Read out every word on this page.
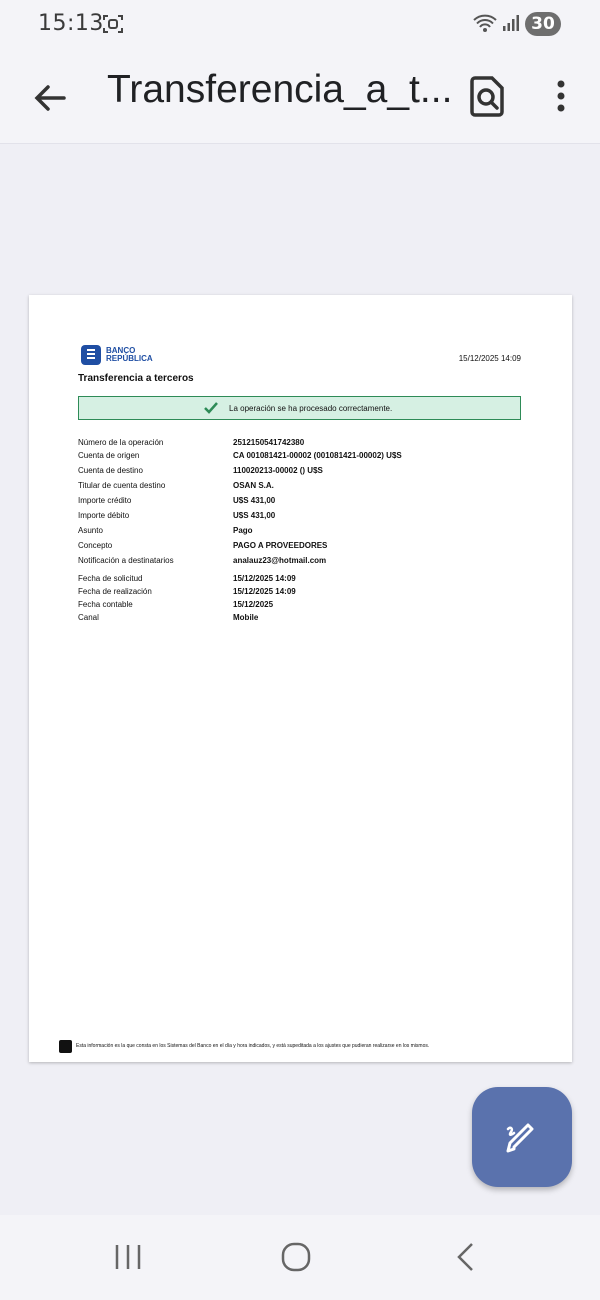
15:13	30
Transferencia_a_t...
BANCO
REPÚBLICA	15/12/2025 14:09
Transferencia a terceros
La operación se ha procesado correctamente.
Número de la operación	2512150541742380
Cuenta de origen	CA 001081421-00002 (001081421-00002) U$S
Cuenta de destino	110020213-00002 () U$S
Titular de cuenta destino	OSAN S.A.
Importe crédito	U$S 431,00
Importe débito	U$S 431,00
Asunto	Pago
Concepto	PAGO A PROVEEDORES
Notificación a destinatarios	analauz23@hotmail.com
Fecha de solicitud	15/12/2025 14:09
Fecha de realización	15/12/2025 14:09
Fecha contable	15/12/2025
Canal	Mobile
Esta información es la que consta en los Sistemas del Banco en el día y hora indicados, y está supeditada a los ajustes que pudieran realizarse en los mismos.
